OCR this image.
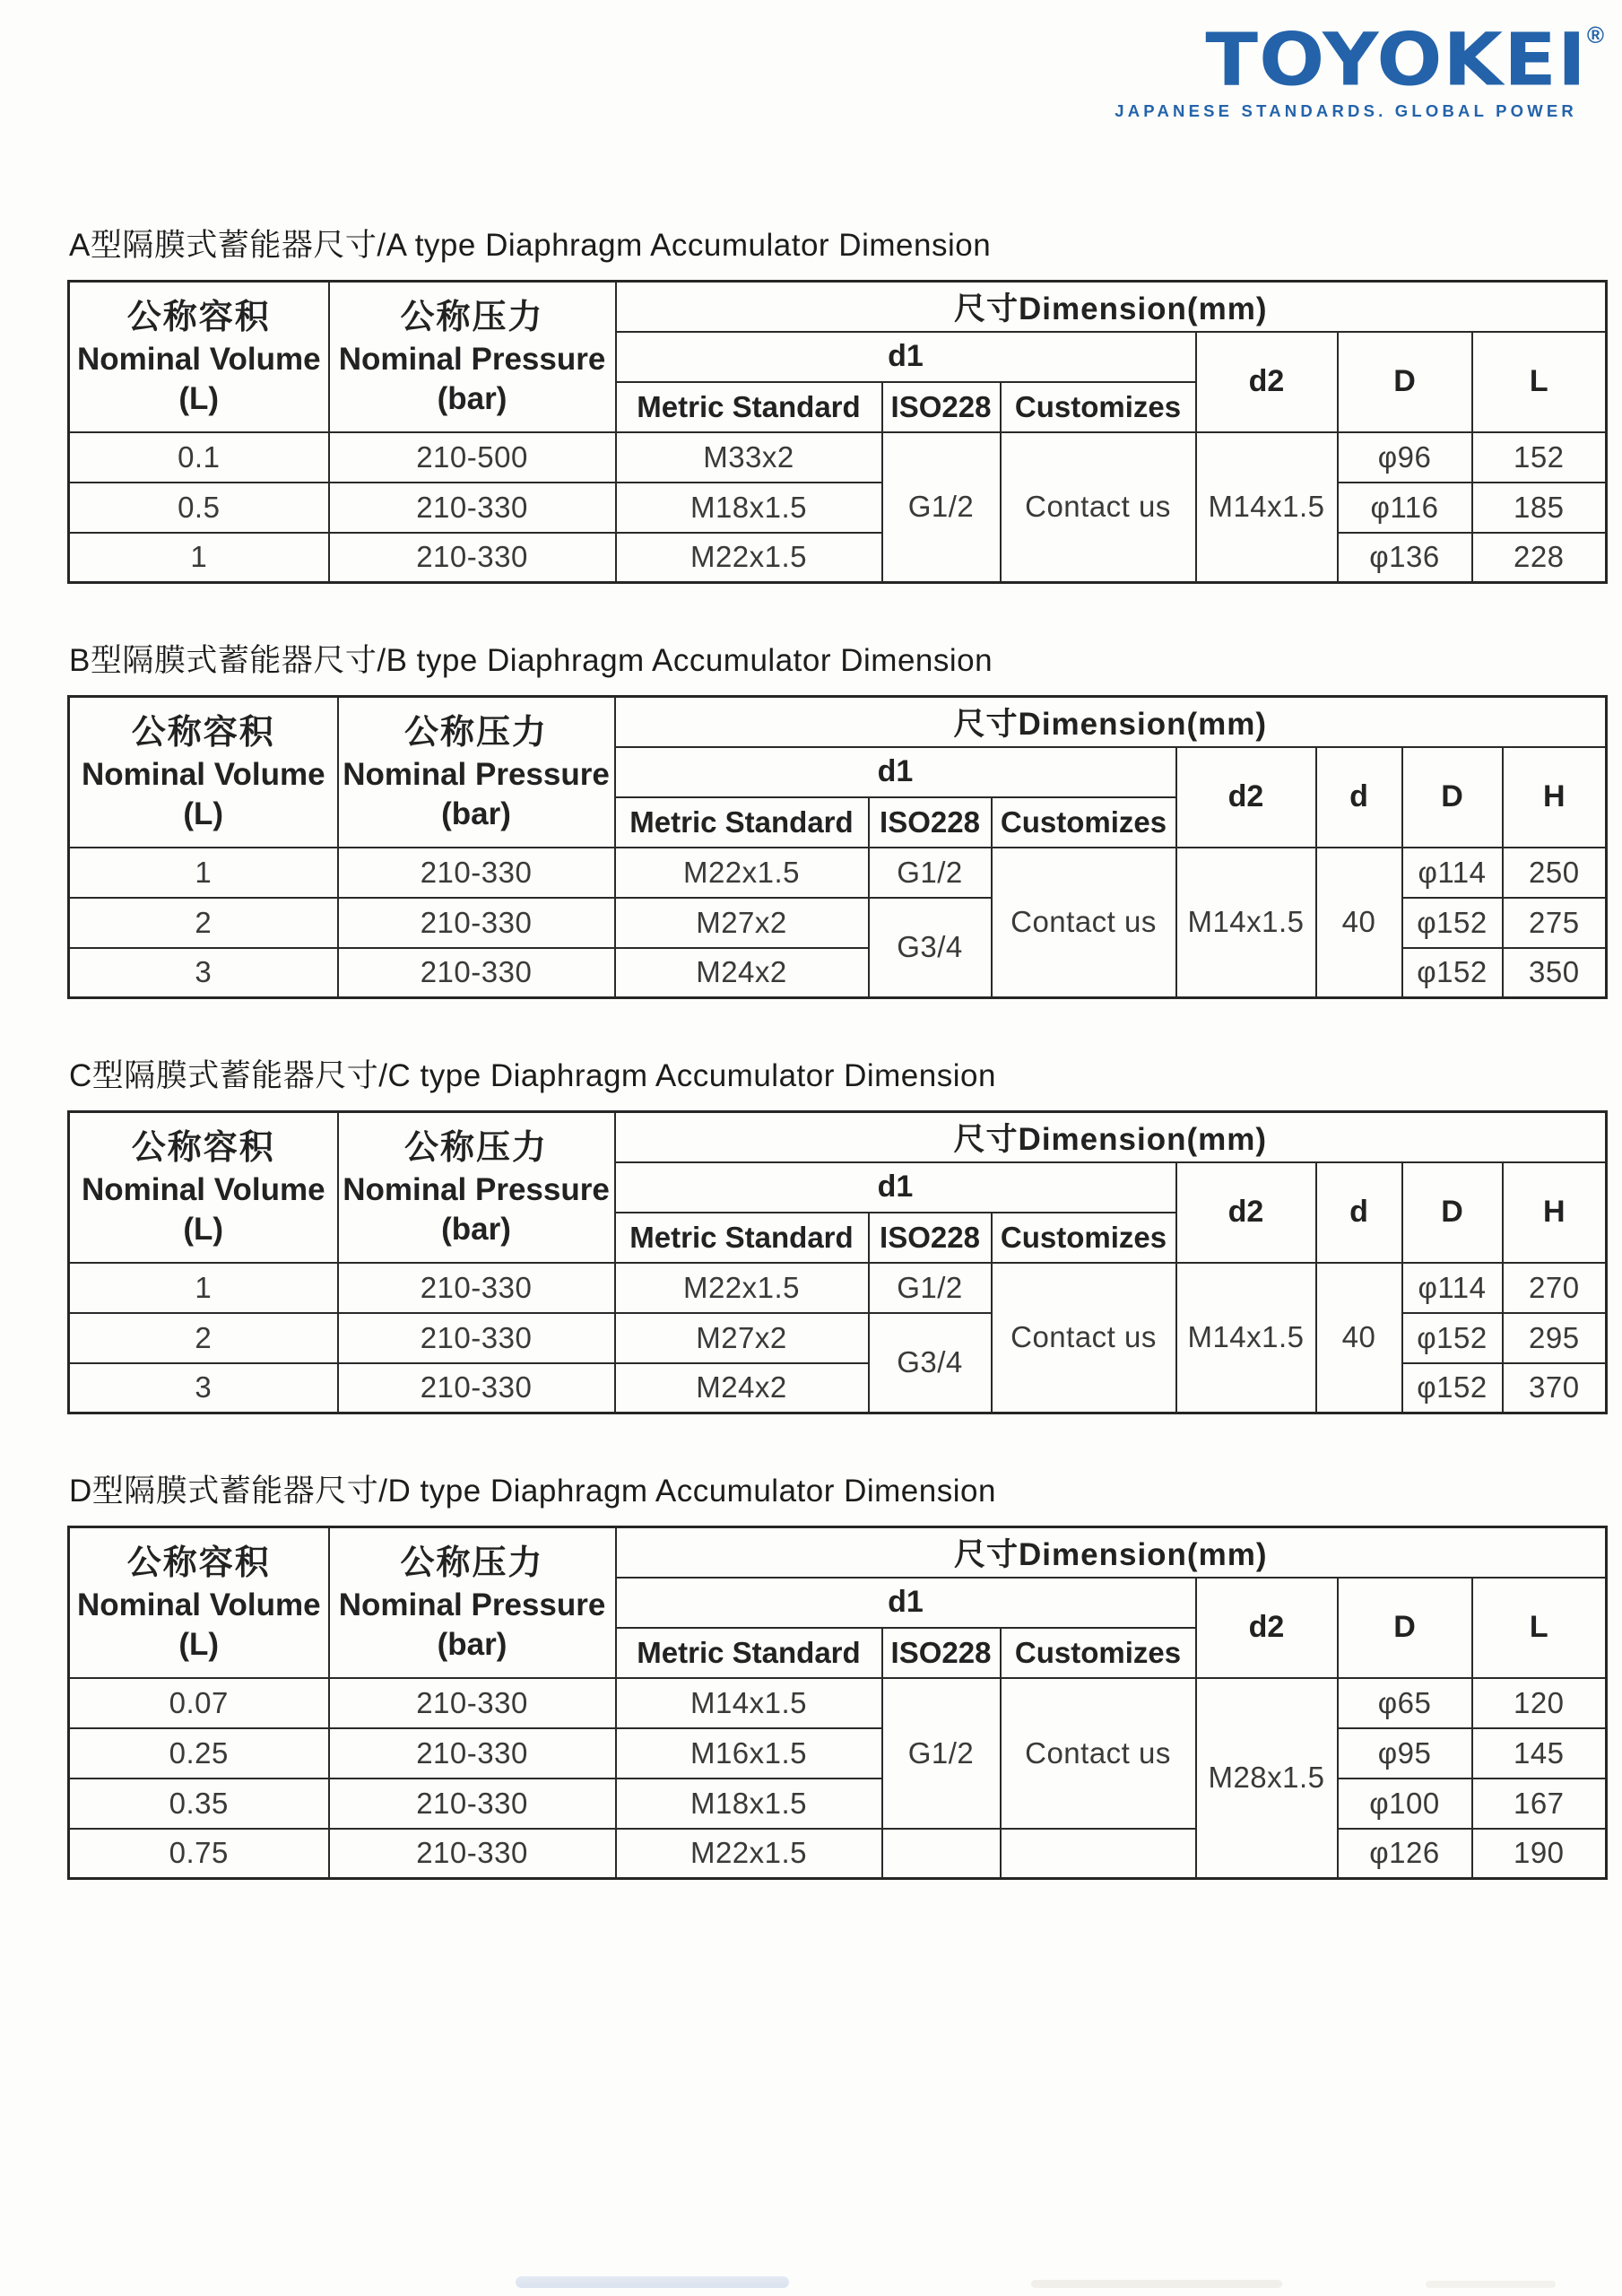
TOYOKEI ®
JAPANESE STANDARDS. GLOBAL POWER
A型隔膜式蓄能器尺寸/A type Diaphragm Accumulator Dimension
公称容积
Nominal Volume
(L)	公称压力
Nominal Pressure
(bar)	尺寸Dimension(mm)					
		d1			d2	D	L
		Metric Standard	ISO228	Customizes			
0.1	210-500	M33x2	G1/2	Contact us	M14x1.5	φ96	152
0.5	210-330	M18x1.5				φ116	185
1	210-330	M22x1.5				φ136	228
B型隔膜式蓄能器尺寸/B type Diaphragm Accumulator Dimension
公称容积
Nominal Volume
(L)	公称压力
Nominal Pressure
(bar)	尺寸Dimension(mm)						
		d1			d2	d	D	H
		Metric Standard	ISO228	Customizes				
1	210-330	M22x1.5	G1/2	Contact us	M14x1.5	40	φ114	250
2	210-330	M27x2	G3/4				φ152	275
3	210-330	M24x2					φ152	350
C型隔膜式蓄能器尺寸/C type Diaphragm Accumulator Dimension
公称容积
Nominal Volume
(L)	公称压力
Nominal Pressure
(bar)	尺寸Dimension(mm)						
		d1			d2	d	D	H
		Metric Standard	ISO228	Customizes				
1	210-330	M22x1.5	G1/2	Contact us	M14x1.5	40	φ114	270
2	210-330	M27x2	G3/4				φ152	295
3	210-330	M24x2					φ152	370
D型隔膜式蓄能器尺寸/D type Diaphragm Accumulator Dimension
公称容积
Nominal Volume
(L)	公称压力
Nominal Pressure
(bar)	尺寸Dimension(mm)					
		d1			d2	D	L
		Metric Standard	ISO228	Customizes			
0.07	210-330	M14x1.5	G1/2	Contact us	M28x1.5	φ65	120
0.25	210-330	M16x1.5				φ95	145
0.35	210-330	M18x1.5				φ100	167
0.75	210-330	M22x1.5				φ126	190
